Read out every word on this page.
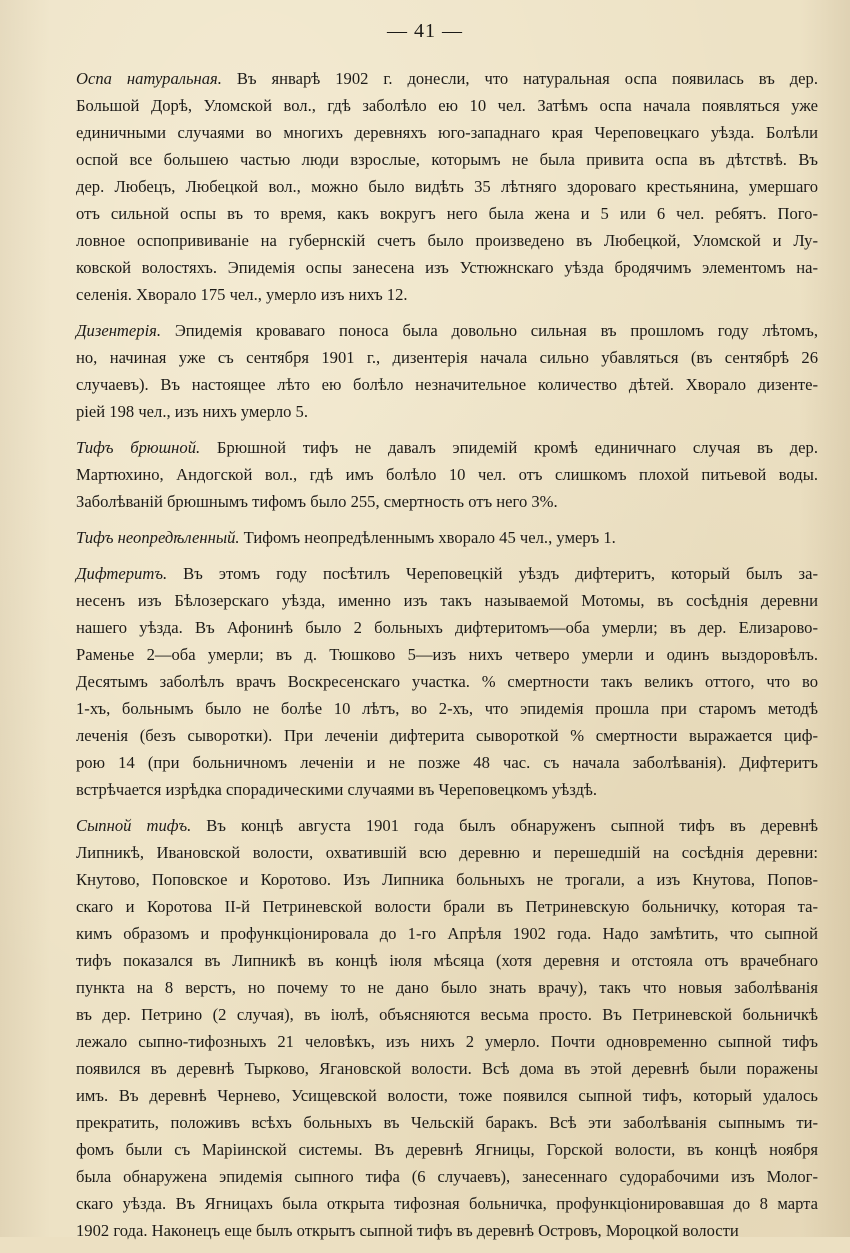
— 41 —
Оспа натуральная. Въ январѣ 1902 г. донесли, что натуральная оспа появилась въ дер.
Большой Дорѣ, Уломской вол., гдѣ заболѣло ею 10 чел. Затѣмъ оспа начала появляться уже
единичными случаями во многихъ деревняхъ юго-западнаго края Череповецкаго уѣзда. Болѣли
оспой все большею частью люди взрослые, которымъ не была привита оспа въ дѣтствѣ. Въ
дер. Любецъ, Любецкой вол., можно было видѣть 35 лѣтняго здороваго крестьянина, умершаго
отъ сильной оспы въ то время, какъ вокругъ него была жена и 5 или 6 чел. ребятъ. Пого-
ловное оспопрививаніе на губернскій счетъ было произведено въ Любецкой, Уломской и Лу-
ковской волостяхъ. Эпидемія оспы занесена изъ Устюжнскаго уѣзда бродячимъ элементомъ на-
селенія. Хворало 175 чел., умерло изъ нихъ 12.
Дизентерія. Эпидемія кроваваго поноса была довольно сильная въ прошломъ году лѣтомъ,
но, начиная уже съ сентября 1901 г., дизентерія начала сильно убавляться (въ сентябрѣ 26
случаевъ). Въ настоящее лѣто ею болѣло незначительное количество дѣтей. Хворало дизенте-
ріей 198 чел., изъ нихъ умерло 5.
Тифъ брюшной. Брюшной тифъ не давалъ эпидемій кромѣ единичнаго случая въ дер.
Мартюхино, Андогской вол., гдѣ имъ болѣло 10 чел. отъ слишкомъ плохой питьевой воды.
Заболѣваній брюшнымъ тифомъ было 255, смертность отъ него 3%.
Тифъ неопредѣленный. Тифомъ неопредѣленнымъ хворало 45 чел., умеръ 1.
Дифтеритъ. Въ этомъ году посѣтилъ Череповецкій уѣздъ дифтеритъ, который былъ за-
несенъ изъ Бѣлозерскаго уѣзда, именно изъ такъ называемой Мотомы, въ сосѣднія деревни
нашего уѣзда. Въ Афонинѣ было 2 больныхъ дифтеритомъ—оба умерли; въ дер. Елизарово-
Раменье 2—оба умерли; въ д. Тюшково 5—изъ нихъ четверо умерли и одинъ выздоровѣлъ.
Десятымъ заболѣлъ врачъ Воскресенскаго участка. % смертности такъ великъ оттого, что во
1-хъ, больнымъ было не болѣе 10 лѣтъ, во 2-хъ, что эпидемія прошла при старомъ методѣ
леченія (безъ сыворотки). При леченіи дифтерита сывороткой % смертности выражается циф-
рою 14 (при больничномъ леченіи и не позже 48 час. съ начала заболѣванія). Дифтеритъ
встрѣчается изрѣдка спорадическими случаями въ Череповецкомъ уѣздѣ.
Сыпной тифъ. Въ концѣ августа 1901 года былъ обнаруженъ сыпной тифъ въ деревнѣ
Липникѣ, Ивановской волости, охватившій всю деревню и перешедшій на сосѣднія деревни:
Кнутово, Поповское и Коротово. Изъ Липника больныхъ не трогали, а изъ Кнутова, Попов-
скаго и Коротова ІІ-й Петриневской волости брали въ Петриневскую больничку, которая та-
кимъ образомъ и профункціонировала до 1-го Апрѣля 1902 года. Надо замѣтить, что сыпной
тифъ показался въ Липникѣ въ концѣ іюля мѣсяца (хотя деревня и отстояла отъ врачебнаго
пункта на 8 верстъ, но почему то не дано было знать врачу), такъ что новыя заболѣванія
въ дер. Петрино (2 случая), въ іюлѣ, объясняются весьма просто. Въ Петриневской больничкѣ
лежало сыпно-тифозныхъ 21 человѣкъ, изъ нихъ 2 умерло. Почти одновременно сыпной тифъ
появился въ деревнѣ Тырково, Ягановской волости. Всѣ дома въ этой деревнѣ были поражены
имъ. Въ деревнѣ Чернево, Усищевской волости, тоже появился сыпной тифъ, который удалось
прекратить, положивъ всѣхъ больныхъ въ Чельскій баракъ. Всѣ эти заболѣванія сыпнымъ ти-
фомъ были съ Маріинской системы. Въ деревнѣ Ягницы, Горской волости, въ концѣ ноября
была обнаружена эпидемія сыпного тифа (6 случаевъ), занесеннаго судорабочими изъ Молог-
скаго уѣзда. Въ Ягницахъ была открыта тифозная больничка, профункціонировавшая до 8 марта
1902 года. Наконецъ еще былъ открытъ сыпной тифъ въ деревнѣ Островъ, Мороцкой волости
